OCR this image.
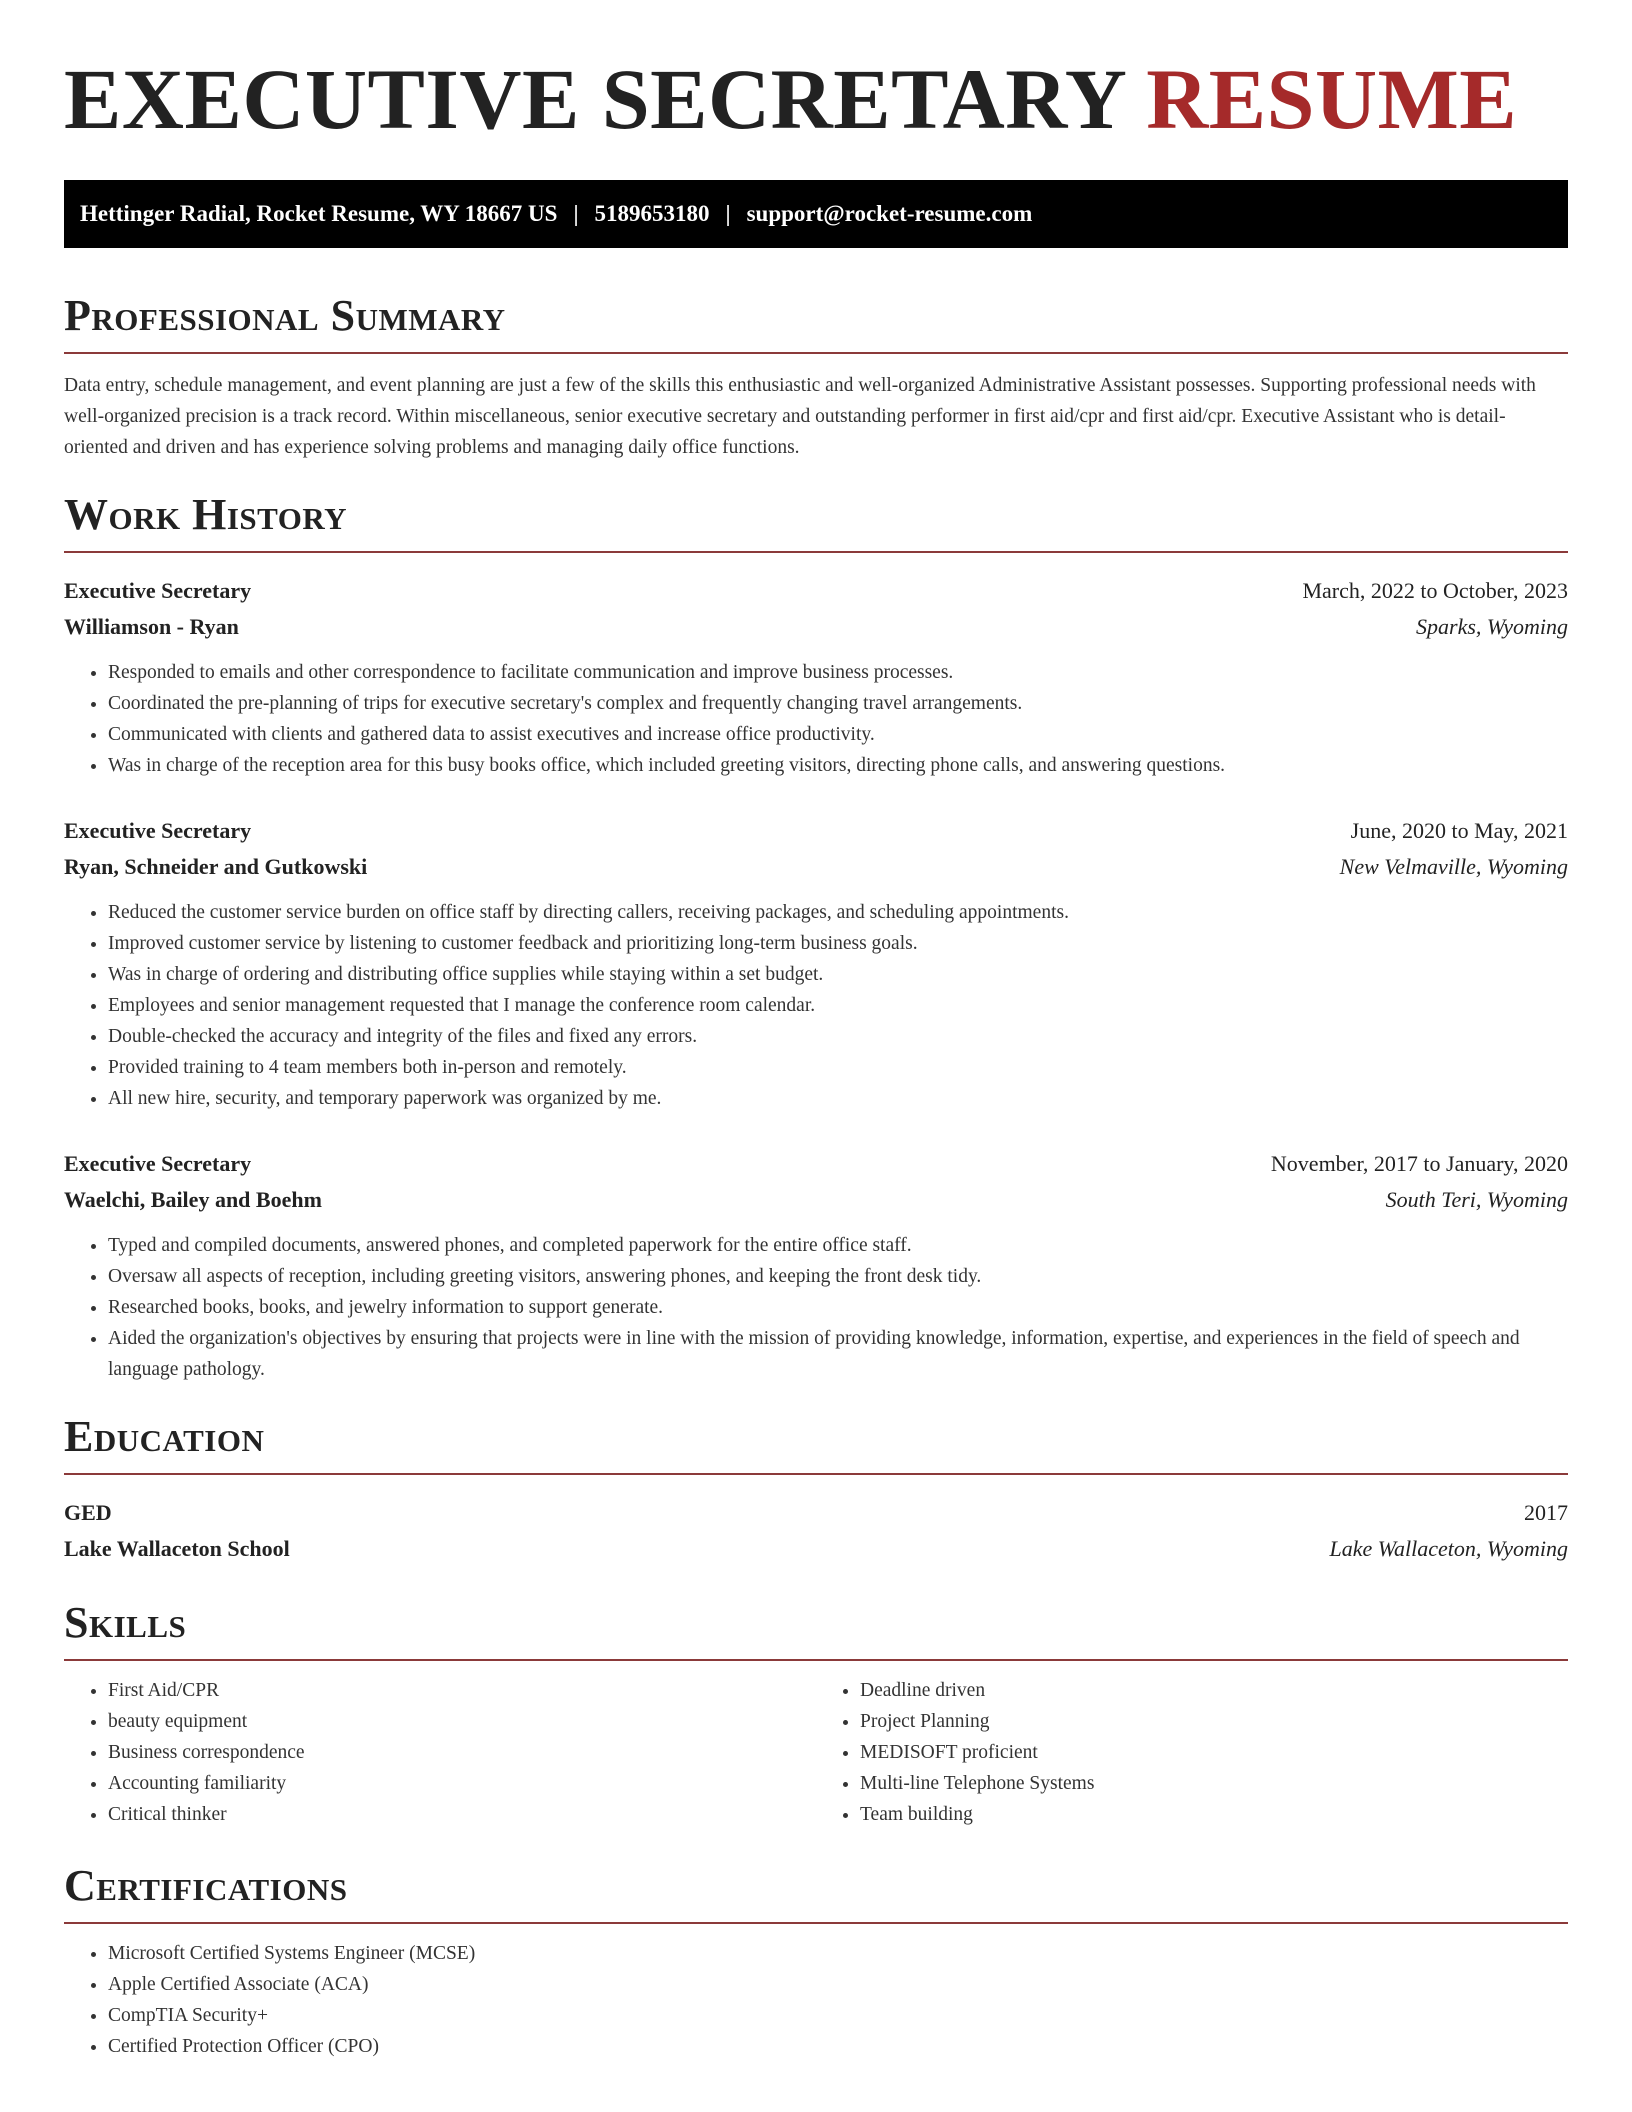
EXECUTIVE SECRETARY RESUME
Hettinger Radial, Rocket Resume, WY 18667 US | 5189653180 | support@rocket-resume.com
Professional Summary

Data entry, schedule management, and event planning are just a few of the skills this enthusiastic and well-organized Administrative Assistant possesses. Supporting professional needs with well-organized precision is a track record. Within miscellaneous, senior executive secretary and outstanding performer in first aid/cpr and first aid/cpr. Executive Assistant who is detail-oriented and driven and has experience solving problems and managing daily office functions.

Work History
Executive Secretary	March, 2022 to October, 2023
Williamson - Ryan	Sparks, Wyoming
• Responded to emails and other correspondence to facilitate communication and improve business processes.
• Coordinated the pre-planning of trips for executive secretary's complex and frequently changing travel arrangements.
• Communicated with clients and gathered data to assist executives and increase office productivity.
• Was in charge of the reception area for this busy books office, which included greeting visitors, directing phone calls, and answering questions.
Executive Secretary	June, 2020 to May, 2021
Ryan, Schneider and Gutkowski	New Velmaville, Wyoming
• Reduced the customer service burden on office staff by directing callers, receiving packages, and scheduling appointments.
• Improved customer service by listening to customer feedback and prioritizing long-term business goals.
• Was in charge of ordering and distributing office supplies while staying within a set budget.
• Employees and senior management requested that I manage the conference room calendar.
• Double-checked the accuracy and integrity of the files and fixed any errors.
• Provided training to 4 team members both in-person and remotely.
• All new hire, security, and temporary paperwork was organized by me.
Executive Secretary	November, 2017 to January, 2020
Waelchi, Bailey and Boehm	South Teri, Wyoming
• Typed and compiled documents, answered phones, and completed paperwork for the entire office staff.
• Oversaw all aspects of reception, including greeting visitors, answering phones, and keeping the front desk tidy.
• Researched books, books, and jewelry information to support generate.
• Aided the organization's objectives by ensuring that projects were in line with the mission of providing knowledge, information, expertise, and experiences in the field of speech and language pathology.
Education
GED	2017
Lake Wallaceton School	Lake Wallaceton, Wyoming
Skills
• First Aid/CPR
• beauty equipment
• Business correspondence
• Accounting familiarity
• Critical thinker
• Deadline driven
• Project Planning
• MEDISOFT proficient
• Multi-line Telephone Systems
• Team building
Certifications
• Microsoft Certified Systems Engineer (MCSE)
• Apple Certified Associate (ACA)
• CompTIA Security+
• Certified Protection Officer (CPO)
